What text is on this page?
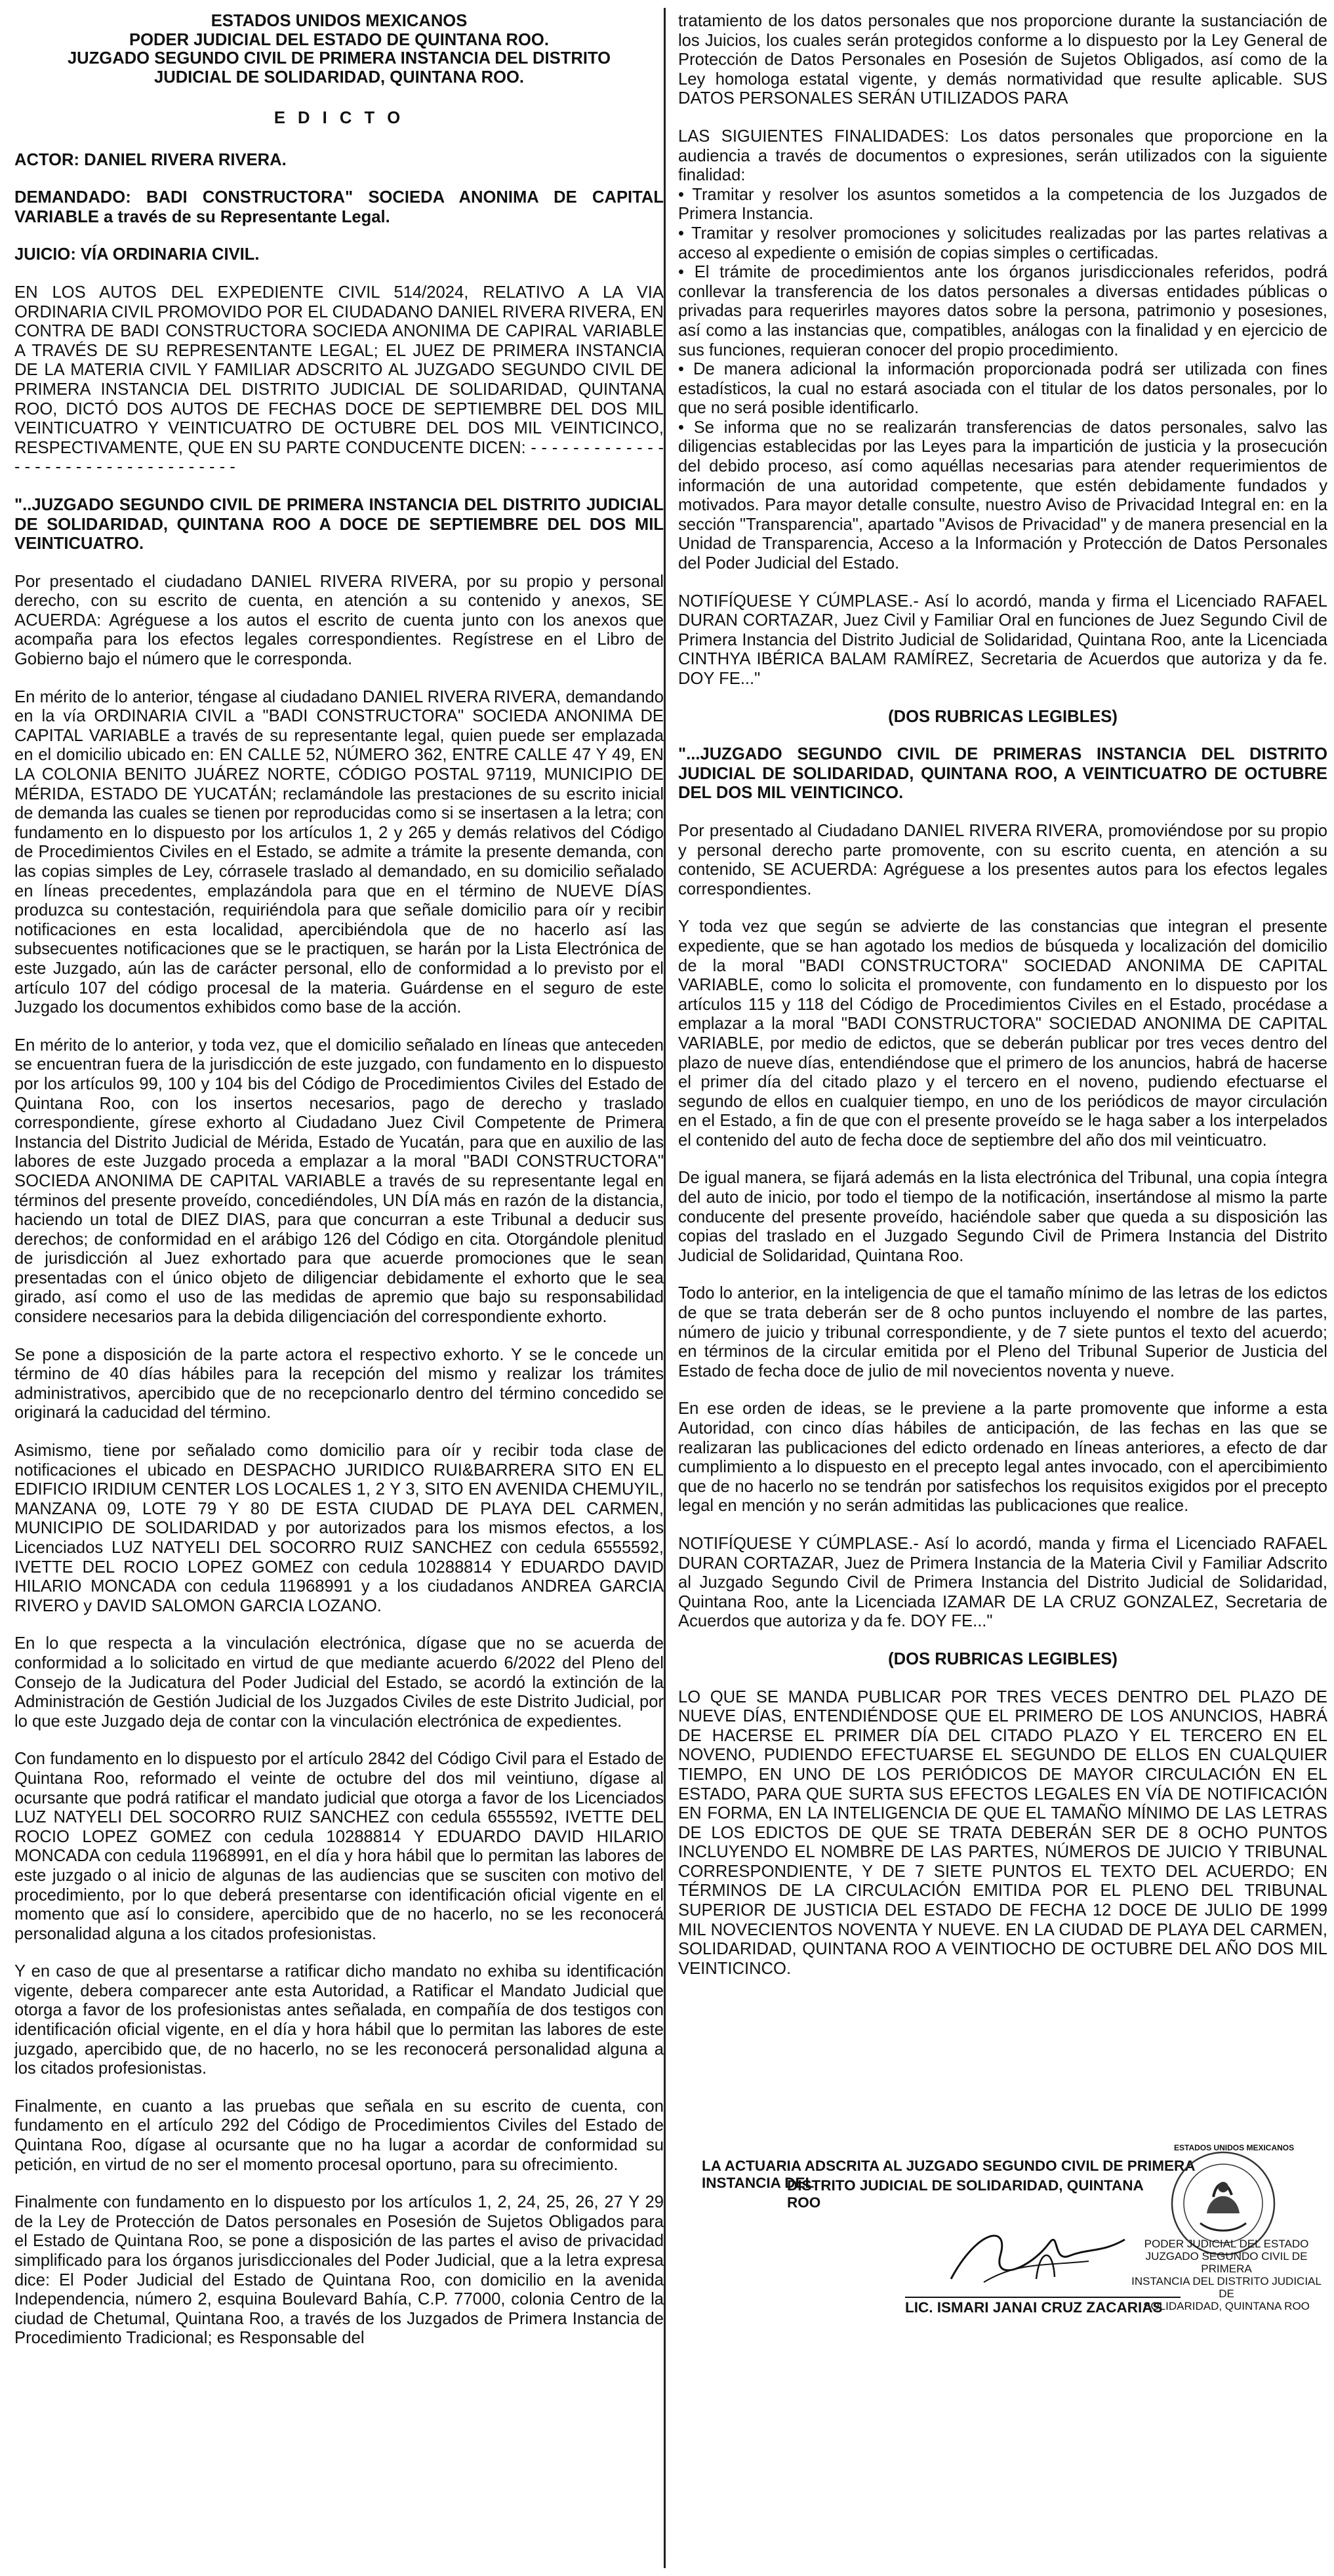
ESTADOS UNIDOS MEXICANOS
PODER JUDICIAL DEL ESTADO DE QUINTANA ROO.
JUZGADO SEGUNDO CIVIL DE PRIMERA INSTANCIA DEL DISTRITO
JUDICIAL DE SOLIDARIDAD, QUINTANA ROO.
E D I C T O

ACTOR: DANIEL RIVERA RIVERA.

DEMANDADO: BADI CONSTRUCTORA" SOCIEDA ANONIMA DE CAPITAL VARIABLE a través de su Representante Legal.

JUICIO: VÍA ORDINARIA CIVIL.

EN LOS AUTOS DEL EXPEDIENTE CIVIL 514/2024, RELATIVO A LA VIA ORDINARIA CIVIL PROMOVIDO POR EL CIUDADANO DANIEL RIVERA RIVERA, EN CONTRA DE BADI CONSTRUCTORA SOCIEDA ANONIMA DE CAPIRAL VARIABLE A TRAVÉS DE SU REPRESENTANTE LEGAL; EL JUEZ DE PRIMERA INSTANCIA DE LA MATERIA CIVIL Y FAMILIAR ADSCRITO AL JUZGADO SEGUNDO CIVIL DE PRIMERA INSTANCIA DEL DISTRITO JUDICIAL DE SOLIDARIDAD, QUINTANA ROO, DICTÓ DOS AUTOS DE FECHAS DOCE DE SEPTIEMBRE DEL DOS MIL VEINTICUATRO Y VEINTICUATRO DE OCTUBRE DEL DOS MIL VEINTICINCO, RESPECTIVAMENTE, QUE EN SU PARTE CONDUCENTE DICEN: - - - - - - - - - - - - - - - - - - - - - - - - - - - - - - - - - - -

"..JUZGADO SEGUNDO CIVIL DE PRIMERA INSTANCIA DEL DISTRITO JUDICIAL DE SOLIDARIDAD, QUINTANA ROO A DOCE DE SEPTIEMBRE DEL DOS MIL VEINTICUATRO.

Por presentado el ciudadano DANIEL RIVERA RIVERA, por su propio y personal derecho, con su escrito de cuenta, en atención a su contenido y anexos, SE ACUERDA: Agréguese a los autos el escrito de cuenta junto con los anexos que acompaña para los efectos legales correspondientes. Regístrese en el Libro de Gobierno bajo el número que le corresponda.

En mérito de lo anterior, téngase al ciudadano DANIEL RIVERA RIVERA, demandando en la vía ORDINARIA CIVIL a "BADI CONSTRUCTORA" SOCIEDA ANONIMA DE CAPITAL VARIABLE a través de su representante legal, quien puede ser emplazada en el domicilio ubicado en: EN CALLE 52, NÚMERO 362, ENTRE CALLE 47 Y 49, EN LA COLONIA BENITO JUÁREZ NORTE, CÓDIGO POSTAL 97119, MUNICIPIO DE MÉRIDA, ESTADO DE YUCATÁN; reclamándole las prestaciones de su escrito inicial de demanda las cuales se tienen por reproducidas como si se insertasen a la letra; con fundamento en lo dispuesto por los artículos 1, 2 y 265 y demás relativos del Código de Procedimientos Civiles en el Estado, se admite a trámite la presente demanda, con las copias simples de Ley, córrasele traslado al demandado, en su domicilio señalado en líneas precedentes, emplazándola para que en el término de NUEVE DÍAS produzca su contestación, requiriéndola para que señale domicilio para oír y recibir notificaciones en esta localidad, apercibiéndola que de no hacerlo así las subsecuentes notificaciones que se le practiquen, se harán por la Lista Electrónica de este Juzgado, aún las de carácter personal, ello de conformidad a lo previsto por el artículo 107 del código procesal de la materia. Guárdense en el seguro de este Juzgado los documentos exhibidos como base de la acción.

En mérito de lo anterior, y toda vez, que el domicilio señalado en líneas que anteceden se encuentran fuera de la jurisdicción de este juzgado, con fundamento en lo dispuesto por los artículos 99, 100 y 104 bis del Código de Procedimientos Civiles del Estado de Quintana Roo, con los insertos necesarios, pago de derecho y traslado correspondiente, gírese exhorto al Ciudadano Juez Civil Competente de Primera Instancia del Distrito Judicial de Mérida, Estado de Yucatán, para que en auxilio de las labores de este Juzgado proceda a emplazar a la moral "BADI CONSTRUCTORA" SOCIEDA ANONIMA DE CAPITAL VARIABLE a través de su representante legal en términos del presente proveído, concediéndoles, UN DÍA más en razón de la distancia, haciendo un total de DIEZ DIAS, para que concurran a este Tribunal a deducir sus derechos; de conformidad en el arábigo 126 del Código en cita. Otorgándole plenitud de jurisdicción al Juez exhortado para que acuerde promociones que le sean presentadas con el único objeto de diligenciar debidamente el exhorto que le sea girado, así como el uso de las medidas de apremio que bajo su responsabilidad considere necesarios para la debida diligenciación del correspondiente exhorto.

Se pone a disposición de la parte actora el respectivo exhorto. Y se le concede un término de 40 días hábiles para la recepción del mismo y realizar los trámites administrativos, apercibido que de no recepcionarlo dentro del término concedido se originará la caducidad del término.

Asimismo, tiene por señalado como domicilio para oír y recibir toda clase de notificaciones el ubicado en DESPACHO JURIDICO RUI&BARRERA SITO EN EL EDIFICIO IRIDIUM CENTER LOS LOCALES 1, 2 Y 3, SITO EN AVENIDA CHEMUYIL, MANZANA 09, LOTE 79 Y 80 DE ESTA CIUDAD DE PLAYA DEL CARMEN, MUNICIPIO DE SOLIDARIDAD y por autorizados para los mismos efectos, a los Licenciados LUZ NATYELI DEL SOCORRO RUIZ SANCHEZ con cedula 6555592, IVETTE DEL ROCIO LOPEZ GOMEZ con cedula 10288814 Y EDUARDO DAVID HILARIO MONCADA con cedula 11968991 y a los ciudadanos ANDREA GARCIA RIVERO y DAVID SALOMON GARCIA LOZANO.

En lo que respecta a la vinculación electrónica, dígase que no se acuerda de conformidad a lo solicitado en virtud de que mediante acuerdo 6/2022 del Pleno del Consejo de la Judicatura del Poder Judicial del Estado, se acordó la extinción de la Administración de Gestión Judicial de los Juzgados Civiles de este Distrito Judicial, por lo que este Juzgado deja de contar con la vinculación electrónica de expedientes.

Con fundamento en lo dispuesto por el artículo 2842 del Código Civil para el Estado de Quintana Roo, reformado el veinte de octubre del dos mil veintiuno, dígase al ocursante que podrá ratificar el mandato judicial que otorga a favor de los Licenciados LUZ NATYELI DEL SOCORRO RUIZ SANCHEZ con cedula 6555592, IVETTE DEL ROCIO LOPEZ GOMEZ con cedula 10288814 Y EDUARDO DAVID HILARIO MONCADA con cedula 11968991, en el día y hora hábil que lo permitan las labores de este juzgado o al inicio de algunas de las audiencias que se susciten con motivo del procedimiento, por lo que deberá presentarse con identificación oficial vigente en el momento que así lo considere, apercibido que de no hacerlo, no se les reconocerá personalidad alguna a los citados profesionistas.

Y en caso de que al presentarse a ratificar dicho mandato no exhiba su identificación vigente, debera comparecer ante esta Autoridad, a Ratificar el Mandato Judicial que otorga a favor de los profesionistas antes señalada, en compañía de dos testigos con identificación oficial vigente, en el día y hora hábil que lo permitan las labores de este juzgado, apercibido que, de no hacerlo, no se les reconocerá personalidad alguna a los citados profesionistas.

Finalmente, en cuanto a las pruebas que señala en su escrito de cuenta, con fundamento en el artículo 292 del Código de Procedimientos Civiles del Estado de Quintana Roo, dígase al ocursante que no ha lugar a acordar de conformidad su petición, en virtud de no ser el momento procesal oportuno, para su ofrecimiento.

Finalmente con fundamento en lo dispuesto por los artículos 1, 2, 24, 25, 26, 27 Y 29 de la Ley de Protección de Datos personales en Posesión de Sujetos Obligados para el Estado de Quintana Roo, se pone a disposición de las partes el aviso de privacidad simplificado para los órganos jurisdiccionales del Poder Judicial, que a la letra expresa dice: El Poder Judicial del Estado de Quintana Roo, con domicilio en la avenida Independencia, número 2, esquina Boulevard Bahía, C.P. 77000, colonia Centro de la ciudad de Chetumal, Quintana Roo, a través de los Juzgados de Primera Instancia de Procedimiento Tradicional; es Responsable del

tratamiento de los datos personales que nos proporcione durante la sustanciación de los Juicios, los cuales serán protegidos conforme a lo dispuesto por la Ley General de Protección de Datos Personales en Posesión de Sujetos Obligados, así como de la Ley homologa estatal vigente, y demás normatividad que resulte aplicable. SUS DATOS PERSONALES SERÁN UTILIZADOS PARA

LAS SIGUIENTES FINALIDADES: Los datos personales que proporcione en la audiencia a través de documentos o expresiones, serán utilizados con la siguiente finalidad:

• Tramitar y resolver los asuntos sometidos a la competencia de los Juzgados de Primera Instancia.

• Tramitar y resolver promociones y solicitudes realizadas por las partes relativas a acceso al expediente o emisión de copias simples o certificadas.

• El trámite de procedimientos ante los órganos jurisdiccionales referidos, podrá conllevar la transferencia de los datos personales a diversas entidades públicas o privadas para requerirles mayores datos sobre la persona, patrimonio y posesiones, así como a las instancias que, compatibles, análogas con la finalidad y en ejercicio de sus funciones, requieran conocer del propio procedimiento.

• De manera adicional la información proporcionada podrá ser utilizada con fines estadísticos, la cual no estará asociada con el titular de los datos personales, por lo que no será posible identificarlo.

• Se informa que no se realizarán transferencias de datos personales, salvo las diligencias establecidas por las Leyes para la impartición de justicia y la prosecución del debido proceso, así como aquéllas necesarias para atender requerimientos de información de una autoridad competente, que estén debidamente fundados y motivados. Para mayor detalle consulte, nuestro Aviso de Privacidad Integral en: en la sección "Transparencia", apartado "Avisos de Privacidad" y de manera presencial en la Unidad de Transparencia, Acceso a la Información y Protección de Datos Personales del Poder Judicial del Estado.

NOTIFÍQUESE Y CÚMPLASE.- Así lo acordó, manda y firma el Licenciado RAFAEL DURAN CORTAZAR, Juez Civil y Familiar Oral en funciones de Juez Segundo Civil de Primera Instancia del Distrito Judicial de Solidaridad, Quintana Roo, ante la Licenciada CINTHYA IBÉRICA BALAM RAMÍREZ, Secretaria de Acuerdos que autoriza y da fe. DOY FE..."

(DOS RUBRICAS LEGIBLES)

"...JUZGADO SEGUNDO CIVIL DE PRIMERAS INSTANCIA DEL DISTRITO JUDICIAL DE SOLIDARIDAD, QUINTANA ROO, A VEINTICUATRO DE OCTUBRE DEL DOS MIL VEINTICINCO.

Por presentado al Ciudadano DANIEL RIVERA RIVERA, promoviéndose por su propio y personal derecho parte promovente, con su escrito cuenta, en atención a su contenido, SE ACUERDA: Agréguese a los presentes autos para los efectos legales correspondientes.

Y toda vez que según se advierte de las constancias que integran el presente expediente, que se han agotado los medios de búsqueda y localización del domicilio de la moral "BADI CONSTRUCTORA" SOCIEDAD ANONIMA DE CAPITAL VARIABLE, como lo solicita el promovente, con fundamento en lo dispuesto por los artículos 115 y 118 del Código de Procedimientos Civiles en el Estado, procédase a emplazar a la moral "BADI CONSTRUCTORA" SOCIEDAD ANONIMA DE CAPITAL VARIABLE, por medio de edictos, que se deberán publicar por tres veces dentro del plazo de nueve días, entendiéndose que el primero de los anuncios, habrá de hacerse el primer día del citado plazo y el tercero en el noveno, pudiendo efectuarse el segundo de ellos en cualquier tiempo, en uno de los periódicos de mayor circulación en el Estado, a fin de que con el presente proveído se le haga saber a los interpelados el contenido del auto de fecha doce de septiembre del año dos mil veinticuatro.

De igual manera, se fijará además en la lista electrónica del Tribunal, una copia íntegra del auto de inicio, por todo el tiempo de la notificación, insertándose al mismo la parte conducente del presente proveído, haciéndole saber que queda a su disposición las copias del traslado en el Juzgado Segundo Civil de Primera Instancia del Distrito Judicial de Solidaridad, Quintana Roo.

Todo lo anterior, en la inteligencia de que el tamaño mínimo de las letras de los edictos de que se trata deberán ser de 8 ocho puntos incluyendo el nombre de las partes, número de juicio y tribunal correspondiente, y de 7 siete puntos el texto del acuerdo; en términos de la circular emitida por el Pleno del Tribunal Superior de Justicia del Estado de fecha doce de julio de mil novecientos noventa y nueve.

En ese orden de ideas, se le previene a la parte promovente que informe a esta Autoridad, con cinco días hábiles de anticipación, de las fechas en las que se realizaran las publicaciones del edicto ordenado en líneas anteriores, a efecto de dar cumplimiento a lo dispuesto en el precepto legal antes invocado, con el apercibimiento que de no hacerlo no se tendrán por satisfechos los requisitos exigidos por el precepto legal en mención y no serán admitidas las publicaciones que realice.

NOTIFÍQUESE Y CÚMPLASE.- Así lo acordó, manda y firma el Licenciado RAFAEL DURAN CORTAZAR, Juez de Primera Instancia de la Materia Civil y Familiar Adscrito al Juzgado Segundo Civil de Primera Instancia del Distrito Judicial de Solidaridad, Quintana Roo, ante la Licenciada IZAMAR DE LA CRUZ GONZALEZ, Secretaria de Acuerdos que autoriza y da fe. DOY FE..."

(DOS RUBRICAS LEGIBLES)

LO QUE SE MANDA PUBLICAR POR TRES VECES DENTRO DEL PLAZO DE NUEVE DÍAS, ENTENDIÉNDOSE QUE EL PRIMERO DE LOS ANUNCIOS, HABRÁ DE HACERSE EL PRIMER DÍA DEL CITADO PLAZO Y EL TERCERO EN EL NOVENO, PUDIENDO EFECTUARSE EL SEGUNDO DE ELLOS EN CUALQUIER TIEMPO, EN UNO DE LOS PERIÓDICOS DE MAYOR CIRCULACIÓN EN EL ESTADO, PARA QUE SURTA SUS EFECTOS LEGALES EN VÍA DE NOTIFICACIÓN EN FORMA, EN LA INTELIGENCIA DE QUE EL TAMAÑO MÍNIMO DE LAS LETRAS DE LOS EDICTOS DE QUE SE TRATA DEBERÁN SER DE 8 OCHO PUNTOS INCLUYENDO EL NOMBRE DE LAS PARTES, NÚMEROS DE JUICIO Y TRIBUNAL CORRESPONDIENTE, Y DE 7 SIETE PUNTOS EL TEXTO DEL ACUERDO; EN TÉRMINOS DE LA CIRCULACIÓN EMITIDA POR EL PLENO DEL TRIBUNAL SUPERIOR DE JUSTICIA DEL ESTADO DE FECHA 12 DOCE DE JULIO DE 1999 MIL NOVECIENTOS NOVENTA Y NUEVE. EN LA CIUDAD DE PLAYA DEL CARMEN, SOLIDARIDAD, QUINTANA ROO A VEINTIOCHO DE OCTUBRE DEL AÑO DOS MIL VEINTICINCO.

LA ACTUARIA ADSCRITA AL JUZGADO SEGUNDO CIVIL DE PRIMERA INSTANCIA DEL
DISTRITO JUDICIAL DE SOLIDARIDAD, QUINTANA ROO
LIC. ISMARI JANAI CRUZ ZACARIAS
ESTADOS UNIDOS MEXICANOS
PODER JUDICIAL DEL ESTADO
JUZGADO SEGUNDO CIVIL DE PRIMERA
INSTANCIA DEL DISTRITO JUDICIAL DE
SOLIDARIDAD, QUINTANA ROO
